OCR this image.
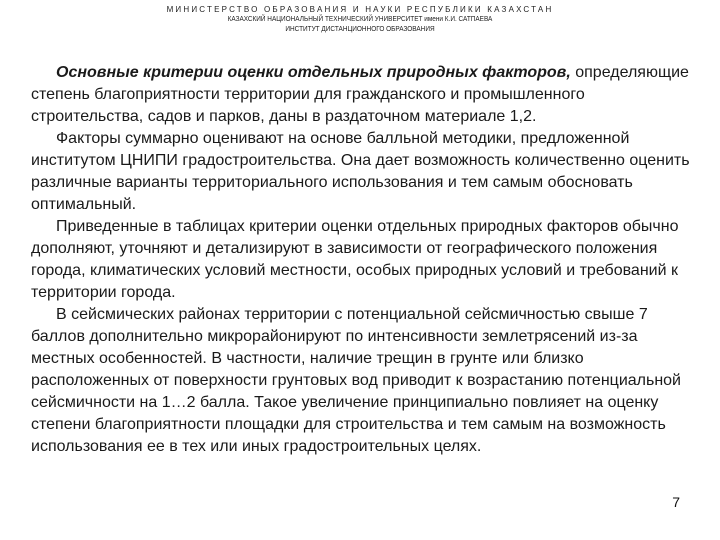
МИНИСТЕРСТВО ОБРАЗОВАНИЯ И НАУКИ РЕСПУБЛИКИ КАЗАХСТАН
КАЗАХСКИЙ НАЦИОНАЛЬНЫЙ ТЕХНИЧЕСКИЙ УНИВЕРСИТЕТ имени К.И. САТПАЕВА
ИНСТИТУТ ДИСТАНЦИОННОГО ОБРАЗОВАНИЯ

Основные критерии оценки отдельных природных факторов, определяющие степень благоприятности территории для гражданского и промышленного строительства, садов и парков, даны в раздаточном материале 1,2.

Факторы суммарно оценивают на основе балльной методики, предложенной институтом ЦНИПИ градостроительства. Она дает возможность количественно оценить различные варианты территориального использования и тем самым обосновать оптимальный.

Приведенные в таблицах критерии оценки отдельных природных факторов обычно дополняют, уточняют и детализируют в зависимости от географического положения города, климатических условий местности, особых природных условий и требований к территории города.

В сейсмических районах территории с потенциальной сейсмичностью свыше 7 баллов дополнительно микрорайонируют по интенсивности землетрясений из-за местных особенностей. В частности, наличие трещин в грунте или близко расположенных от поверхности грунтовых вод приводит к возрастанию потенциальной сейсмичности на 1…2 балла. Такое увеличение принципиально повлияет на оценку степени благоприятности площадки для строительства и тем самым на возможность использования ее в тех или иных градостроительных целях.

7
